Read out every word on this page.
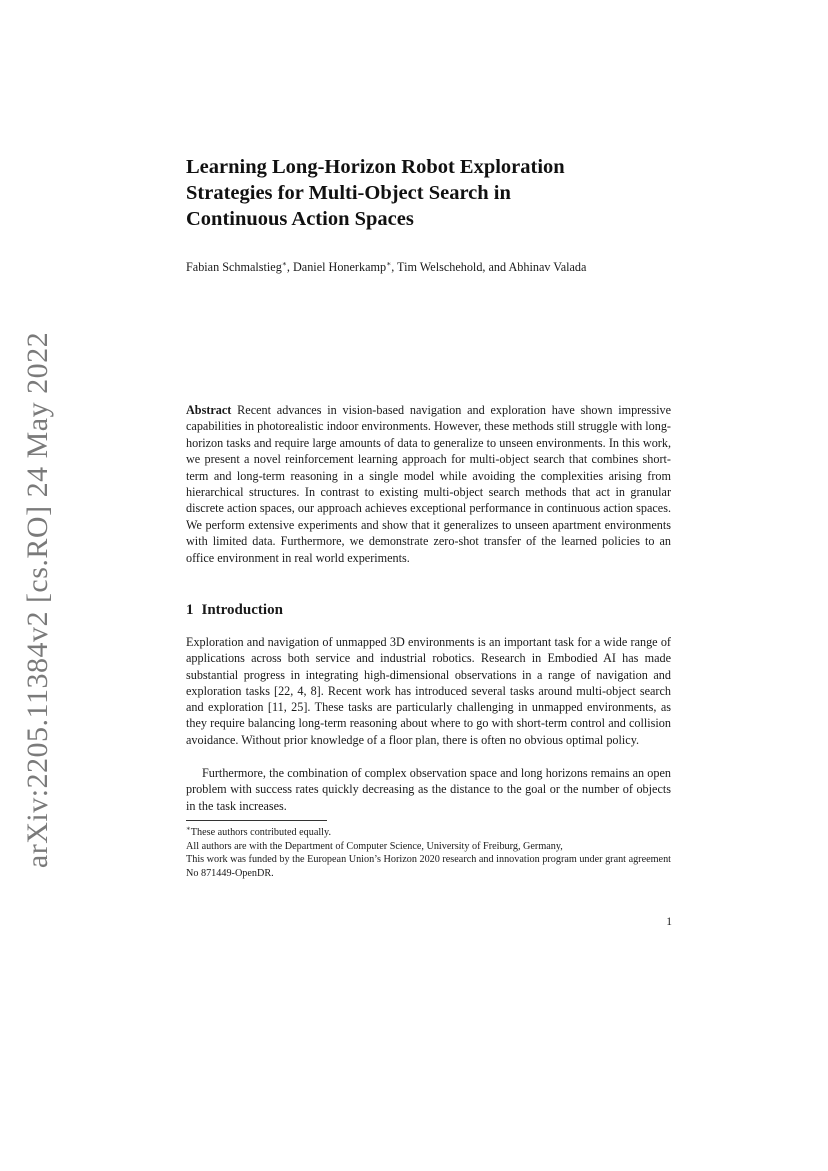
arXiv:2205.11384v2 [cs.RO] 24 May 2022
Learning Long-Horizon Robot Exploration
Strategies for Multi-Object Search in
Continuous Action Spaces
Fabian Schmalstieg∗, Daniel Honerkamp∗, Tim Welschehold, and Abhinav Valada

Abstract Recent advances in vision-based navigation and exploration have shown impressive capabilities in photorealistic indoor environments. However, these methods still struggle with long-horizon tasks and require large amounts of data to generalize to unseen environments. In this work, we present a novel reinforcement learning approach for multi-object search that combines short-term and long-term reasoning in a single model while avoiding the complexities arising from hierarchical structures. In contrast to existing multi-object search methods that act in granular discrete action spaces, our approach achieves exceptional performance in continuous action spaces. We perform extensive experiments and show that it generalizes to unseen apartment environments with limited data. Furthermore, we demonstrate zero-shot transfer of the learned policies to an office environment in real world experiments.

1 Introduction

Exploration and navigation of unmapped 3D environments is an important task for a wide range of applications across both service and industrial robotics. Research in Embodied AI has made substantial progress in integrating high-dimensional observations in a range of navigation and exploration tasks [22, 4, 8]. Recent work has introduced several tasks around multi-object search and exploration [11, 25]. These tasks are particularly challenging in unmapped environments, as they require balancing long-term reasoning about where to go with short-term control and collision avoidance. Without prior knowledge of a floor plan, there is often no obvious optimal policy.

Furthermore, the combination of complex observation space and long horizons remains an open problem with success rates quickly decreasing as the distance to the goal or the number of objects in the task increases.

∗These authors contributed equally.

All authors are with the Department of Computer Science, University of Freiburg, Germany,

This work was funded by the European Union’s Horizon 2020 research and innovation program under grant agreement No 871449-OpenDR.

1
